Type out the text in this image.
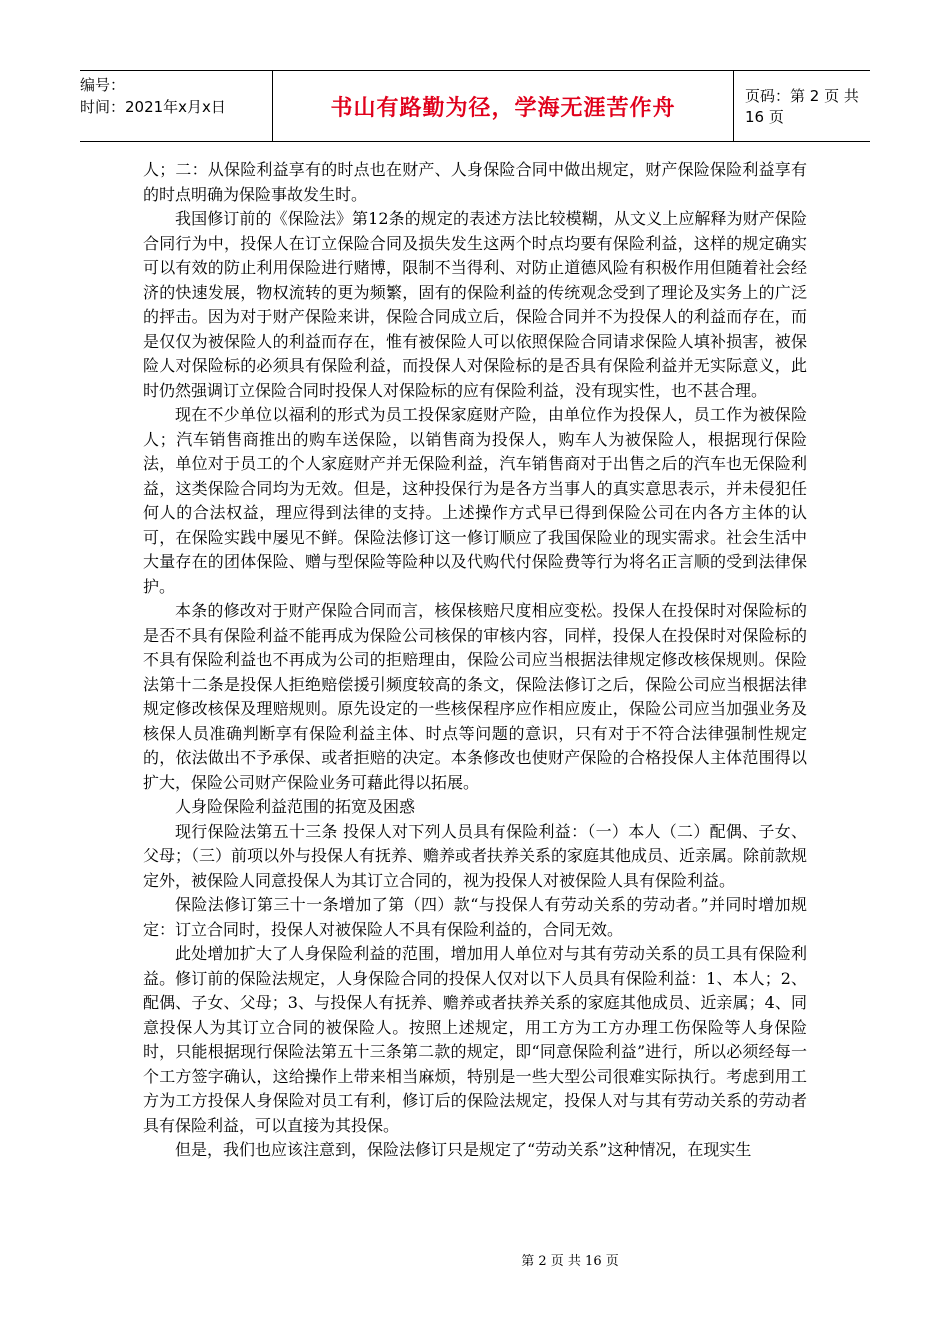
编号：
时间：2021年x月x日	书山有路勤为径，学海无涯苦作舟	页码：第 2 页 共 16 页

人；二：从保险利益享有的时点也在财产、人身保险合同中做出规定，财产保险保险利益享有的时点明确为保险事故发生时。

我国修订前的《保险法》第12条的规定的表述方法比较模糊，从文义上应解释为财产保险合同行为中，投保人在订立保险合同及损失发生这两个时点均要有保险利益，这样的规定确实可以有效的防止利用保险进行赌博，限制不当得利、对防止道德风险有积极作用但随着社会经济的快速发展，物权流转的更为频繁，固有的保险利益的传统观念受到了理论及实务上的广泛的抨击。因为对于财产保险来讲，保险合同成立后，保险合同并不为投保人的利益而存在，而是仅仅为被保险人的利益而存在，惟有被保险人可以依照保险合同请求保险人填补损害，被保险人对保险标的必须具有保险利益，而投保人对保险标的是否具有保险利益并无实际意义，此时仍然强调订立保险合同时投保人对保险标的应有保险利益，没有现实性，也不甚合理。

现在不少单位以福利的形式为员工投保家庭财产险，由单位作为投保人，员工作为被保险人；汽车销售商推出的购车送保险，以销售商为投保人，购车人为被保险人，根据现行保险法，单位对于员工的个人家庭财产并无保险利益，汽车销售商对于出售之后的汽车也无保险利益，这类保险合同均为无效。但是，这种投保行为是各方当事人的真实意思表示，并未侵犯任何人的合法权益，理应得到法律的支持。上述操作方式早已得到保险公司在内各方主体的认可，在保险实践中屡见不鲜。保险法修订这一修订顺应了我国保险业的现实需求。社会生活中大量存在的团体保险、赠与型保险等险种以及代购代付保险费等行为将名正言顺的受到法律保护。

本条的修改对于财产保险合同而言，核保核赔尺度相应变松。投保人在投保时对保险标的是否不具有保险利益不能再成为保险公司核保的审核内容，同样，投保人在投保时对保险标的不具有保险利益也不再成为公司的拒赔理由，保险公司应当根据法律规定修改核保规则。保险法第十二条是投保人拒绝赔偿援引频度较高的条文，保险法修订之后，保险公司应当根据法律规定修改核保及理赔规则。原先设定的一些核保程序应作相应废止，保险公司应当加强业务及核保人员准确判断享有保险利益主体、时点等问题的意识，只有对于不符合法律强制性规定的，依法做出不予承保、或者拒赔的决定。本条修改也使财产保险的合格投保人主体范围得以扩大，保险公司财产保险业务可藉此得以拓展。

人身险保险利益范围的拓宽及困惑

现行保险法第五十三条 投保人对下列人员具有保险利益：（一）本人（二）配偶、子女、父母；（三）前项以外与投保人有抚养、赡养或者扶养关系的家庭其他成员、近亲属。除前款规定外，被保险人同意投保人为其订立合同的，视为投保人对被保险人具有保险利益。

保险法修订第三十一条增加了第（四）款“与投保人有劳动关系的劳动者。”并同时增加规定：订立合同时，投保人对被保险人不具有保险利益的，合同无效。

此处增加扩大了人身保险利益的范围，增加用人单位对与其有劳动关系的员工具有保险利益。修订前的保险法规定，人身保险合同的投保人仅对以下人员具有保险利益：1、本人；2、配偶、子女、父母；3、与投保人有抚养、赡养或者扶养关系的家庭其他成员、近亲属；4、同意投保人为其订立合同的被保险人。按照上述规定，用工方为工方办理工伤保险等人身保险时，只能根据现行保险法第五十三条第二款的规定，即“同意保险利益”进行，所以必须经每一个工方签字确认，这给操作上带来相当麻烦，特别是一些大型公司很难实际执行。考虑到用工方为工方投保人身保险对员工有利，修订后的保险法规定，投保人对与其有劳动关系的劳动者具有保险利益，可以直接为其投保。

但是，我们也应该注意到，保险法修订只是规定了“劳动关系”这种情况，在现实生

第 2 页 共 16 页
